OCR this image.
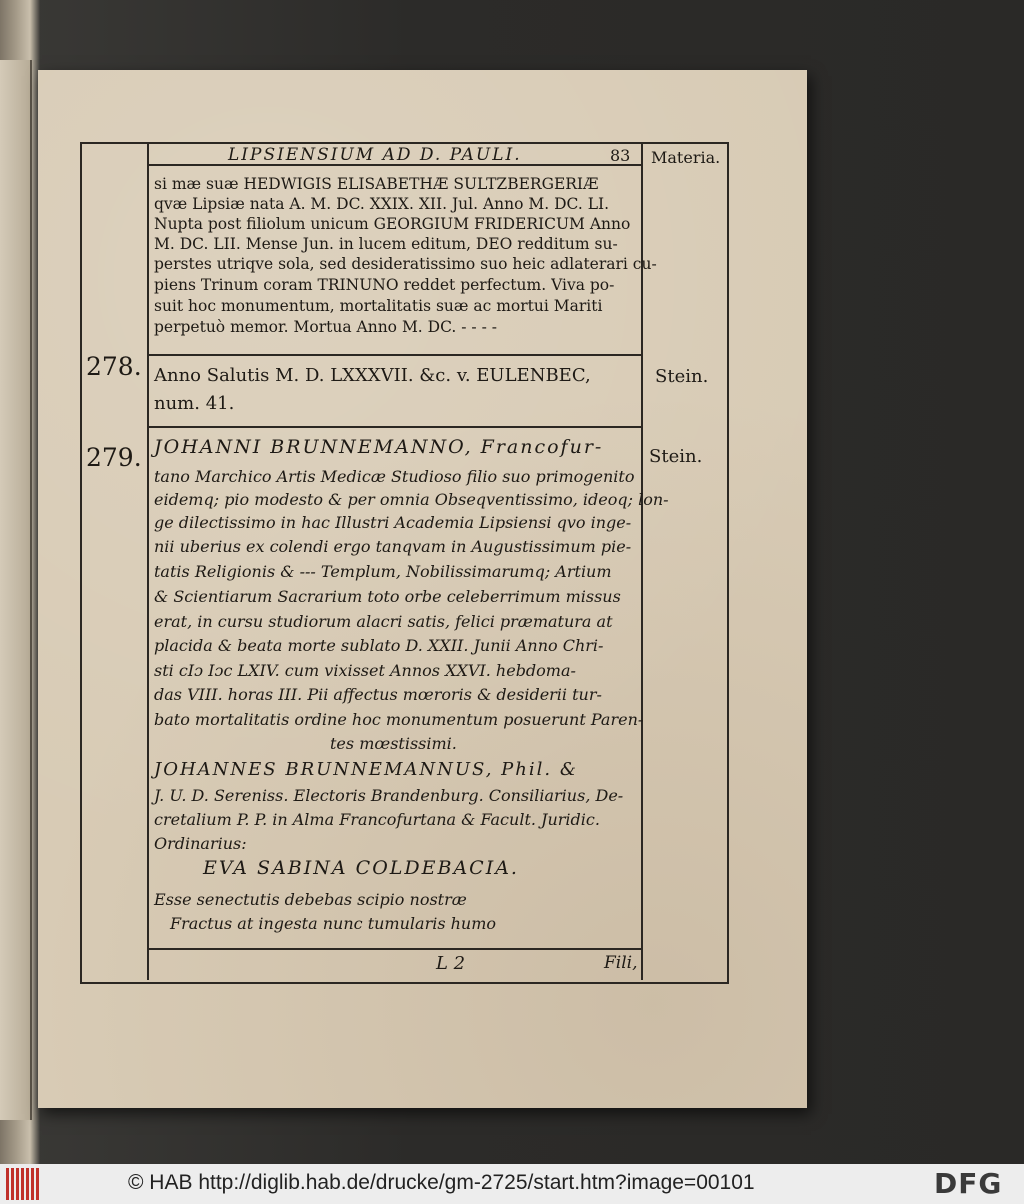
LIPSIENSIUM AD D. PAULI.	83 Materia.
si mæ suæ HEDWIGIS ELISABETHÆ SULTZBERGERIÆ
qvæ Lipsiæ nata A. M. DC. XXIX. XII. Jul. Anno M. DC. LI.
Nupta post filiolum unicum GEORGIUM FRIDERICUM Anno
M. DC. LII. Mense Jun. in lucem editum, DEO redditum su-
perstes utriqve sola, sed desideratissimo suo heic adlaterari cu-
piens Trinum coram TRINUNO reddet perfectum. Viva po-
suit hoc monumentum, mortalitatis suæ ac mortui Mariti
perpetuò memor. Mortua Anno M. DC. - - - -
278.	Stein.
Anno Salutis M. D. LXXXVII. &c. v. EULENBEC,
num. 41.
279.	Stein.
JOHANNI BRUNNEMANNO, Francofur-
tano Marchico Artis Medicæ Studioso filio suo primogenito
eidemq; pio modesto & per omnia Obseqventissimo, ideoq; lon-
ge dilectissimo in hac Illustri Academia Lipsiensi qvo inge-
nii uberius ex colendi ergo tanqvam in Augustissimum pie-
tatis Religionis & --- Templum, Nobilissimarumq; Artium
& Scientiarum Sacrarium toto orbe celeberrimum missus
erat, in cursu studiorum alacri satis, felici præmatura at
placida & beata morte sublato D. XXII. Junii Anno Chri-
sti cIɔ Iɔc LXIV. cum vixisset Annos XXVI. hebdoma-
das VIII. horas III. Pii affectus mœroris & desiderii tur-
bato mortalitatis ordine hoc monumentum posuerunt Paren-
tes mœstissimi.
JOHANNES BRUNNEMANNUS, Phil. &
J. U. D. Sereniss. Electoris Brandenburg. Consiliarius, De-
cretalium P. P. in Alma Francofurtana & Facult. Juridic.
Ordinarius:
EVA SABINA COLDEBACIA.
Esse senectutis debebas scipio nostræ
Fractus at ingesta nunc tumularis humo
L 2	Fili,
© HAB http://diglib.hab.de/drucke/gm-2725/start.htm?image=00101	DFG
